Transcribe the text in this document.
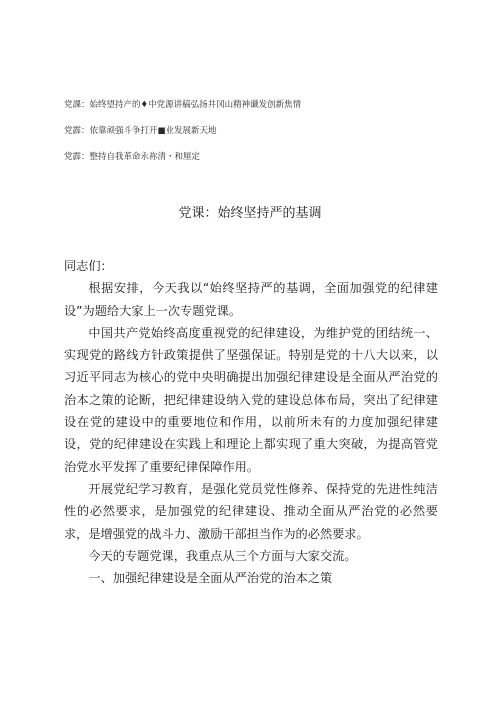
党課：始终望持产的♦中党源讲稿弘扬井冈山精神谶发创新焦情
党霹：依靠顽强斗争打开■业发展新天地
党霹：整持自我革命永祢清・和厘定
党课：始终坚持严的基调
同志们：

根据安排，今天我以“始终坚持严的基调，全面加强党的纪律建设”为题给大家上一次专题党课。

中国共产党始终高度重视党的纪律建设，为维护党的团结统一、实现党的路线方针政策提供了坚强保证。特别是党的十八大以来，以习近平同志为核心的党中央明确提出加强纪律建设是全面从严治党的治本之策的论断，把纪律建设纳入党的建设总体布局，突出了纪律建设在党的建设中的重要地位和作用，以前所未有的力度加强纪律建设，党的纪律建设在实践上和理论上都实现了重大突破，为提高管党治党水平发挥了重要纪律保障作用。

开展党纪学习教育，是强化党员党性修养、保持党的先进性纯洁性的必然要求，是加强党的纪律建设、推动全面从严治党的必然要求，是增强党的战斗力、激励干部担当作为的必然要求。

今天的专题党课，我重点从三个方面与大家交流。

一、加强纪律建设是全面从严治党的治本之策
